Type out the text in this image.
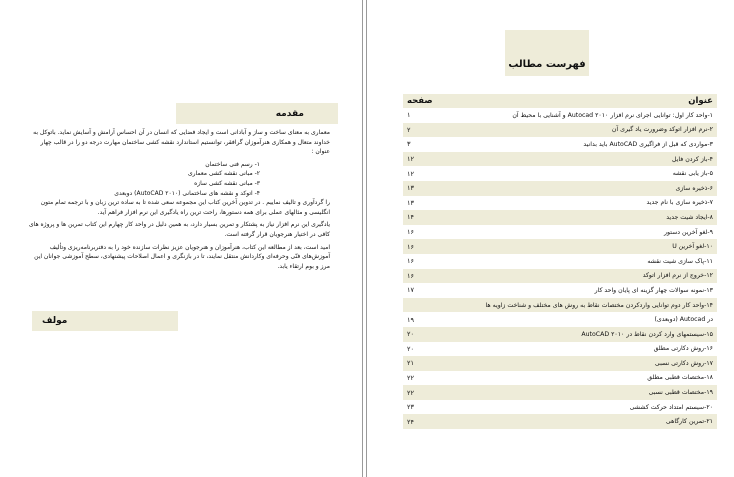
مقدمه

معماری به معنای ساخت و ساز و آبادانی است و ایجاد فضایی که انسان در آن احساس آرامش و آسایش نماید. باتوکل به خداوند متعال و همکاری هنرآموزان گرافقر، توانستیم استاندارد نقشه کشی ساختمان مهارت درجه دو را در قالب چهار عنوان :

۱- رسم فنی ساختمان
۲- مبانی نقشه کشی معماری
۳- مبانی نقشه کشی سازه
۴- اتوکد و نقشه های ساختمانی (۲۰۱۰ AutoCAD) دوبعدی

را گردآوری و تالیف نماییم . در تدوین آخرین کتاب این مجموعه سعی شده تا به ساده ترین زبان و با ترجمه تمام متون انگلیسی و مثالهای عملی برای همه دستورها، راحت ترین راه یادگیری این نرم افزار فراهم آید.

یادگیری این نرم افزار نیاز به پشتکار و تمرین بسیار دارد، به همین دلیل در واحد کار چهارم این کتاب تمرین ها و پروژه های کافی در اختیار هنرجویان قرار گرفته است.

امید است، بعد از مطالعه این کتاب، هنرآموزان و هنرجویان عزیز نظرات سازنده خود را به دفتربرنامه‌ریزی وتألیف آموزش‌های فنّی وحرفه‌ای وکاردانش منتقل نمایند، تا در بازنگری و اعمال اصلاحات پیشنهادی، سطح آموزشی جوانان این مرز و بوم ارتقاء یابد.

مولف
فهرست مطالب
عنوان	صفحه
۱-واحد کار اول: توانایی اجرای نرم افزار ۲۰۱۰ Autocad و آشنایی با محیط آن	۱
۲-نرم افزار اتوکد وضرورت یاد گیری آن	۲
۳-مواردی که قبل از فراگیری AutoCAD باید بدانید	۳
۴-باز کردن فایل	۱۲
۵-باز یابی نقشه	۱۲
۶-ذخیره سازی	۱۳
۷-ذخیره سازی با نام جدید	۱۳
۸-ایجاد شیت جدید	۱۴
۹-لغو آخرین دستور	۱۶
۱۰-لغو آخرین U	۱۶
۱۱-پاک سازی شیت نقشه	۱۶
۱۲-خروج از نرم افزار اتوکد	۱۶
۱۳-نمونه سوالات چهار گزینه ای پایان واحد کار	۱۷
۱۴-واحد کار دوم توانایی واردکردن مختصات نقاط به روش های مختلف و شناخت زاویه ها	
در Autocad (دوبعدی)	۱۹
۱۵-سیستمهای وارد کردن نقاط در ۲۰۱۰ AutoCAD	۲۰
۱۶-روش دکارتی مطلق	۲۰
۱۷-روش دکارتی نسبی	۲۱
۱۸-مختصات قطبی مطلق	۲۲
۱۹-مختصات قطبی نسبی	۲۲
۲۰-سیستم امتداد حرکت کششی	۲۳
۲۱-تمرین کارگاهی	۲۴
